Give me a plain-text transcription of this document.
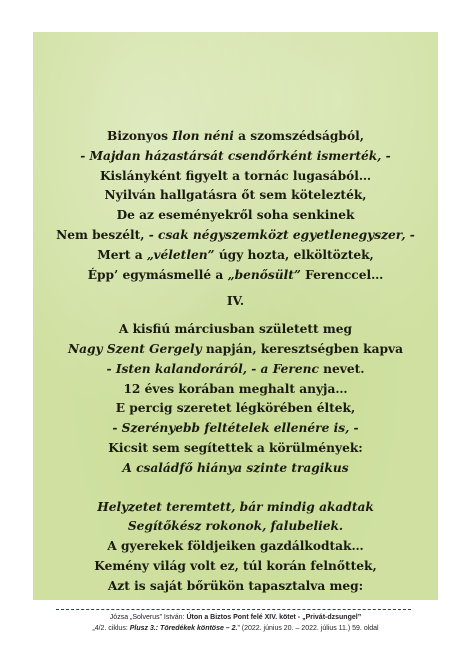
Bizonyos Ilon néni a szomszédságból,
- Majdan házastársát csendőrként ismerték, -
Kislányként figyelt a tornác lugasából…
Nyilván hallgatásra őt sem kötelezték,
De az eseményekről soha senkinek
Nem beszélt, - csak négyszemközt egyetlenegyszer, -
Mert a „véletlen” úgy hozta, elköltöztek,
Épp’ egymásmellé a „benősült” Ferenccel…
IV.
A kisfiú márciusban született meg
Nagy Szent Gergely napján, keresztségben kapva
- Isten kalandoráról, - a Ferenc nevet.
12 éves korában meghalt anyja…
E percig szeretet légkörében éltek,
- Szerényebb feltételek ellenére is, -
Kicsit sem segítettek a körülmények:
A családfő hiánya szinte tragikus
Helyzetet teremtett, bár mindig akadtak
Segítőkész rokonok, falubeliek.
A gyerekek földjeiken gazdálkodtak…
Kemény világ volt ez, túl korán felnőttek,
Azt is saját bőrükön tapasztalva meg:
Józsa „Solverus” István: Úton a Biztos Pont felé XIV. kötet - „Privát-dzsungel”
„4/2. ciklus: Plusz 3.: Töredékek köntöse – 2.” (2022. június 20. – 2022. július 11.) 59. oldal
